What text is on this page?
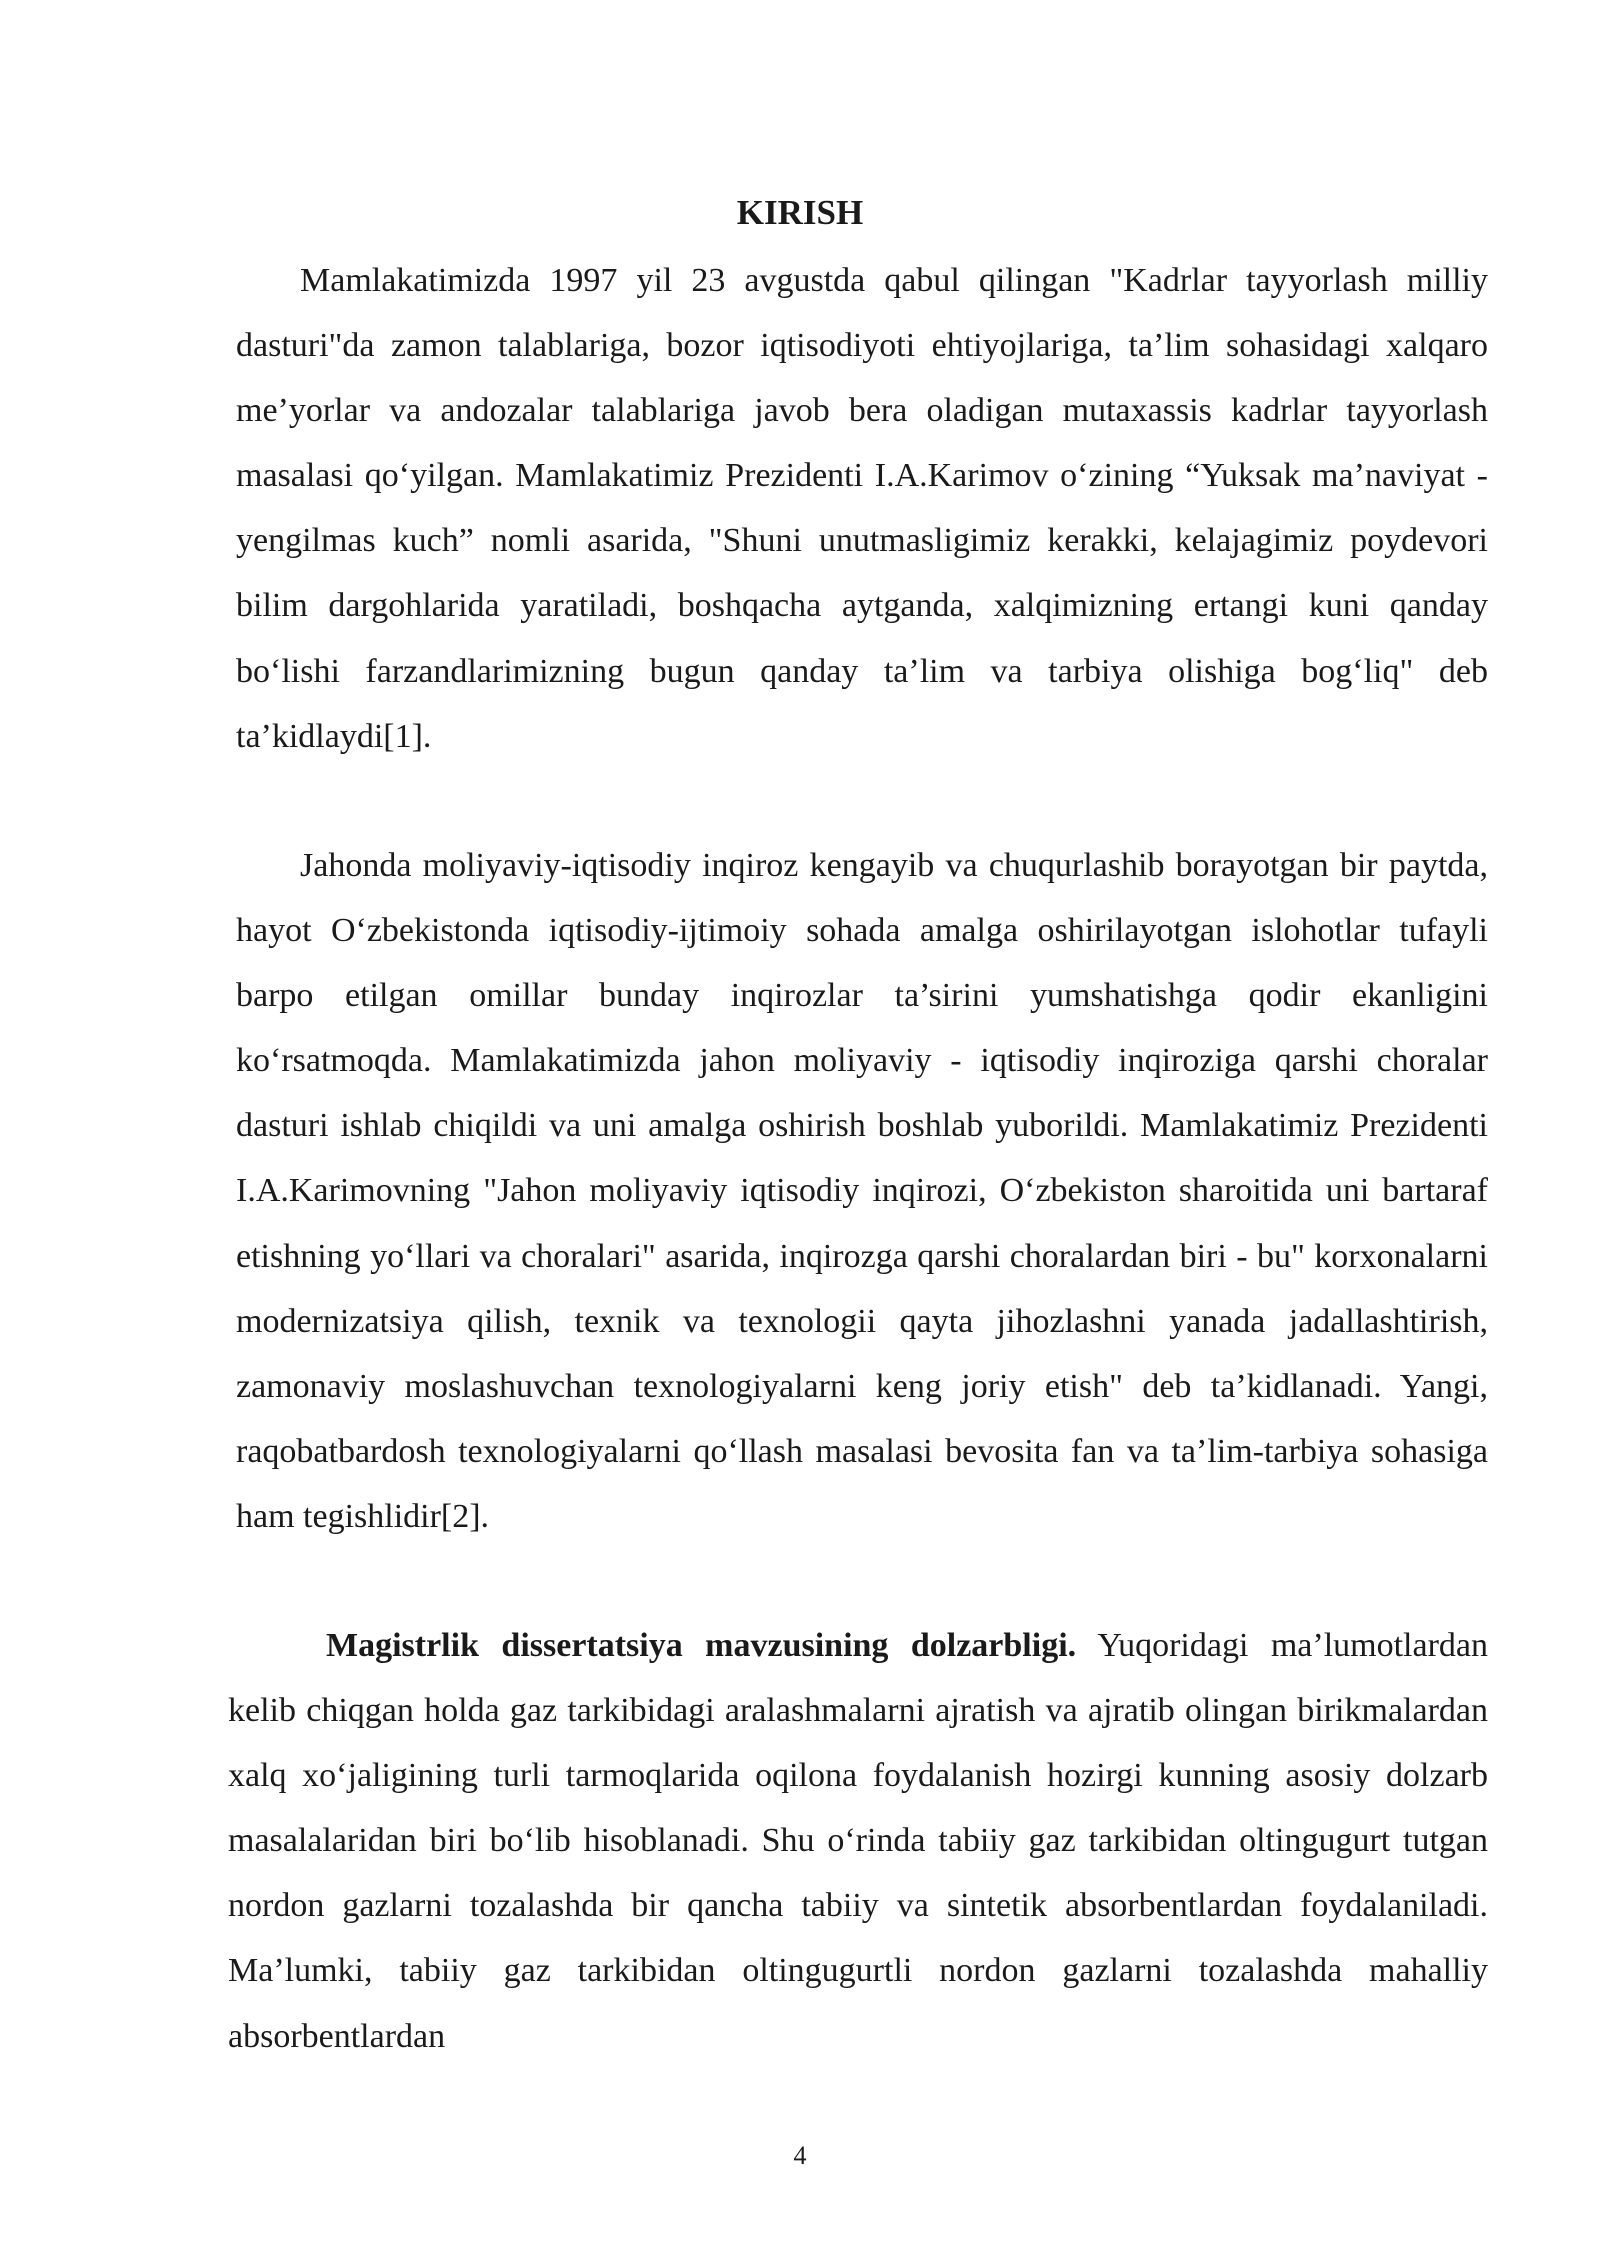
KIRISH

Mamlakatimizda 1997 yil 23 avgustda qabul qilingan "Kadrlar tayyorlash milliy dasturi"da zamon talablariga, bozor iqtisodiyoti ehtiyojlariga, ta’lim sohasidagi xalqaro me’yorlar va andozalar talablariga javob bera oladigan mutaxassis kadrlar tayyorlash masalasi qo‘yilgan. Mamlakatimiz Prezidenti I.A.Karimov o‘zining “Yuksak ma’naviyat - yengilmas kuch” nomli asarida, "Shuni unutmasligimiz kerakki, kelajagimiz poydevori bilim dargohlarida yaratiladi, boshqacha aytganda, xalqimizning ertangi kuni qanday bo‘lishi farzandlarimizning bugun qanday ta’lim va tarbiya olishiga bog‘liq" deb ta’kidlaydi[1].

Jahonda moliyaviy-iqtisodiy inqiroz kengayib va chuqurlashib borayotgan bir paytda, hayot O‘zbekistonda iqtisodiy-ijtimoiy sohada amalga oshirilayotgan islohotlar tufayli barpo etilgan omillar bunday inqirozlar ta’sirini yumshatishga qodir ekanligini ko‘rsatmoqda. Mamlakatimizda jahon moliyaviy - iqtisodiy inqiroziga qarshi choralar dasturi ishlab chiqildi va uni amalga oshirish boshlab yuborildi. Mamlakatimiz Prezidenti I.A.Karimovning "Jahon moliyaviy iqtisodiy inqirozi, O‘zbekiston sharoitida uni bartaraf etishning yo‘llari va choralari" asarida, inqirozga qarshi choralardan biri - bu" korxonalarni modernizatsiya qilish, texnik va texnologii qayta jihozlashni yanada jadallashtirish, zamonaviy moslashuvchan texnologiyalarni keng joriy etish" deb ta’kidlanadi. Yangi, raqobatbardosh texnologiyalarni qo‘llash masalasi bevosita fan va ta’lim-tarbiya sohasiga ham tegishlidir[2].

Magistrlik dissertatsiya mavzusining dolzarbligi. Yuqoridagi ma’lumotlardan kelib chiqgan holda gaz tarkibidagi aralashmalarni ajratish va ajratib olingan birikmalardan xalq xo‘jaligining turli tarmoqlarida oqilona foydalanish hozirgi kunning asosiy dolzarb masalalaridan biri bo‘lib hisoblanadi. Shu o‘rinda tabiiy gaz tarkibidan oltingugurt tutgan nordon gazlarni tozalashda bir qancha tabiiy va sintetik absorbentlardan foydalaniladi. Ma’lumki, tabiiy gaz tarkibidan oltingugurtli nordon gazlarni tozalashda mahalliy absorbentlardan

4
